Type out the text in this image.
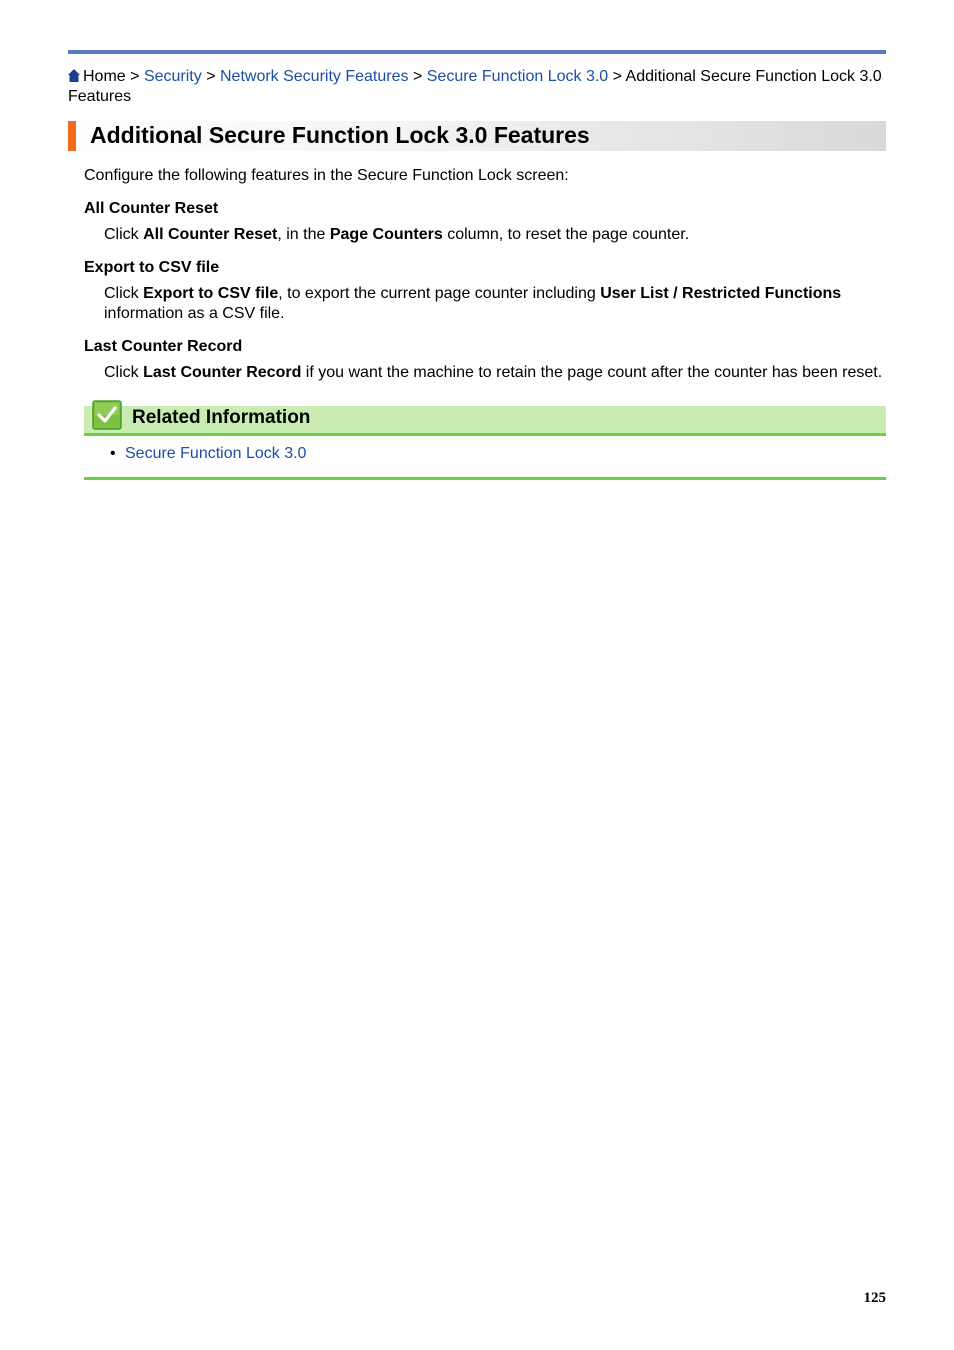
Home > Security > Network Security Features > Secure Function Lock 3.0 > Additional Secure Function Lock 3.0 Features
Additional Secure Function Lock 3.0 Features

Configure the following features in the Secure Function Lock screen:

All Counter Reset

Click All Counter Reset, in the Page Counters column, to reset the page counter.

Export to CSV file

Click Export to CSV file, to export the current page counter including User List / Restricted Functions information as a CSV file.

Last Counter Record

Click Last Counter Record if you want the machine to retain the page count after the counter has been reset.

Related Information
• Secure Function Lock 3.0
125
